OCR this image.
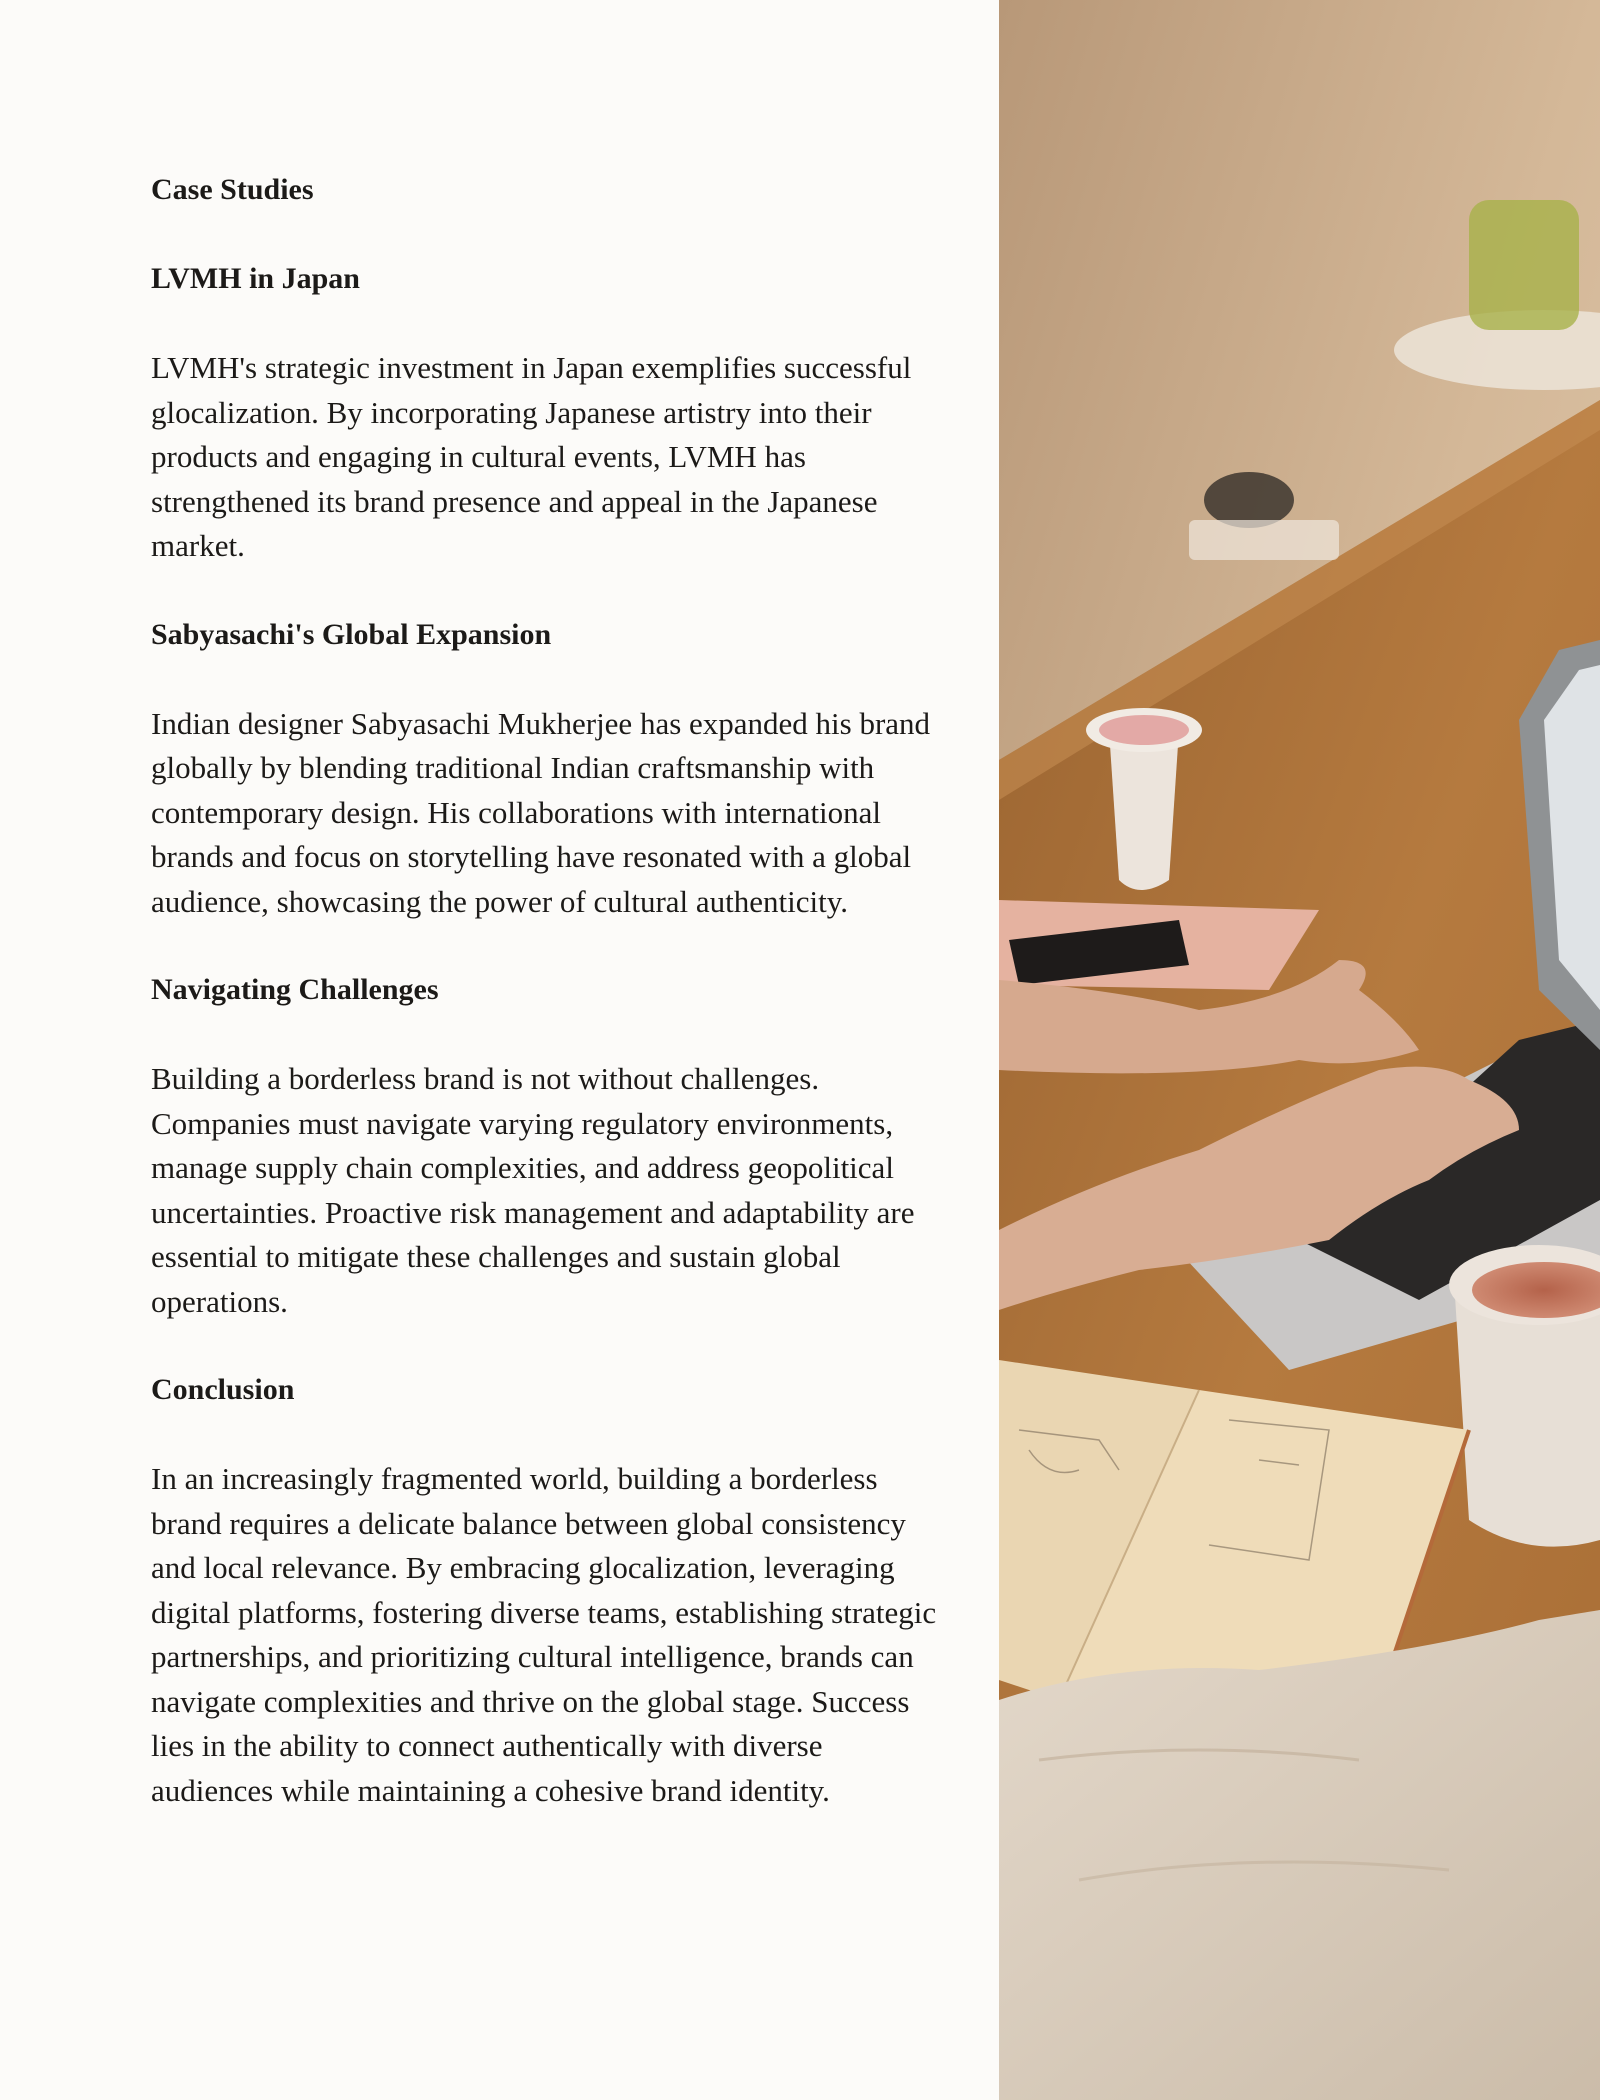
Case Studies
LVMH in Japan

LVMH's strategic investment in Japan exemplifies successful glocalization. By incorporating Japanese artistry into their products and engaging in cultural events, LVMH has strengthened its brand presence and appeal in the Japanese market.

Sabyasachi's Global Expansion

Indian designer Sabyasachi Mukherjee has expanded his brand globally by blending traditional Indian craftsmanship with contemporary design. His collaborations with international brands and focus on storytelling have resonated with a global audience, showcasing the power of cultural authenticity.

Navigating Challenges

Building a borderless brand is not without challenges. Companies must navigate varying regulatory environments, manage supply chain complexities, and address geopolitical uncertainties. Proactive risk management and adaptability are essential to mitigate these challenges and sustain global operations.

Conclusion

In an increasingly fragmented world, building a borderless brand requires a delicate balance between global consistency and local relevance. By embracing glocalization, leveraging digital platforms, fostering diverse teams, establishing strategic partnerships, and prioritizing cultural intelligence, brands can navigate complexities and thrive on the global stage. Success lies in the ability to connect authentically with diverse audiences while maintaining a cohesive brand identity.
